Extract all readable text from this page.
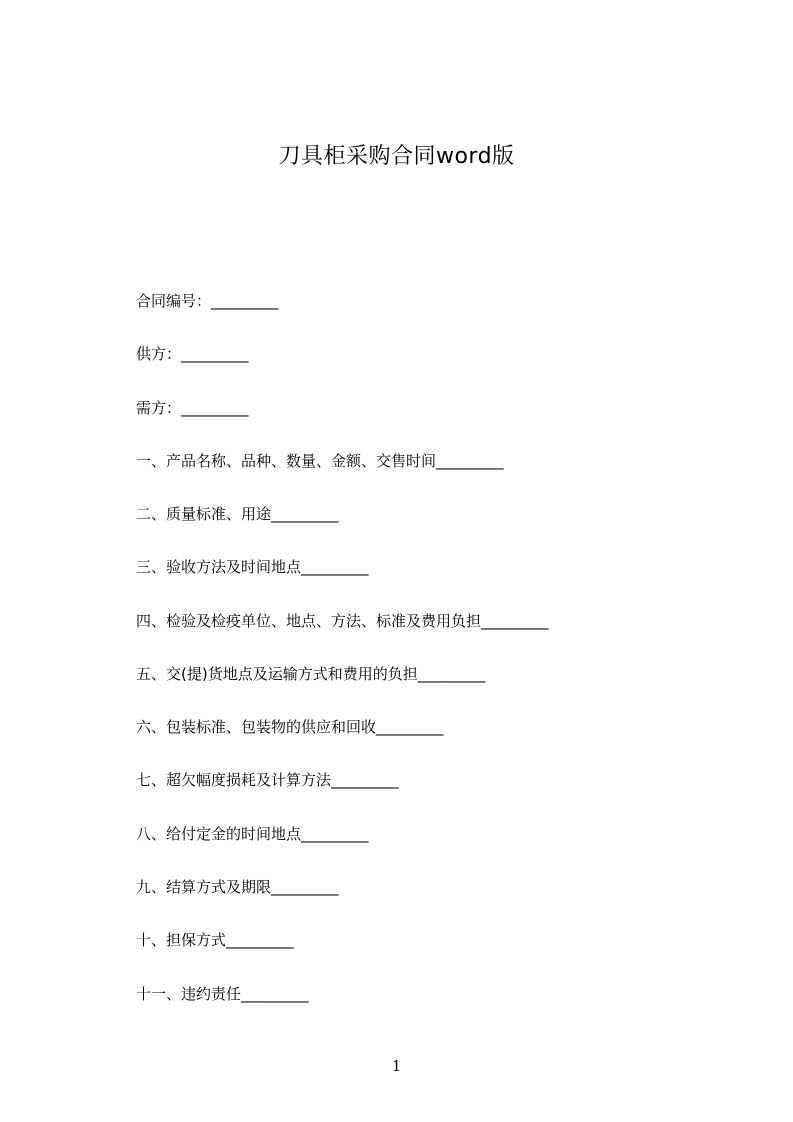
刀具柜采购合同word版
合同编号：_________
供方：_________
需方：_________
一、产品名称、品种、数量、金额、交售时间_________
二、质量标准、用途_________
三、验收方法及时间地点_________
四、检验及检疫单位、地点、方法、标准及费用负担_________
五、交(提)货地点及运输方式和费用的负担_________
六、包装标准、包装物的供应和回收_________
七、超欠幅度损耗及计算方法_________
八、给付定金的时间地点_________
九、结算方式及期限_________
十、担保方式_________
十一、违约责任_________
1
